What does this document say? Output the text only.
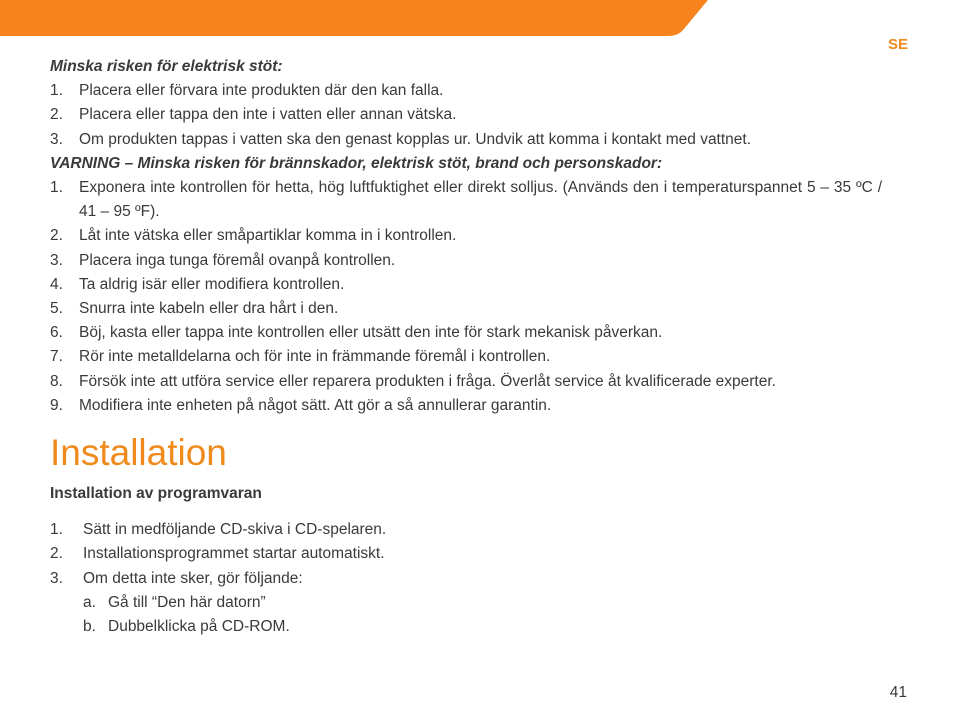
SE
Minska risken för elektrisk stöt:
1. Placera eller förvara inte produkten där den kan falla.
2. Placera eller tappa den inte i vatten eller annan vätska.
3. Om produkten tappas i vatten ska den genast kopplas ur. Undvik att komma i kontakt med vattnet.
VARNING – Minska risken för brännskador, elektrisk stöt, brand och personskador:
1. Exponera inte kontrollen för hetta, hög luftfuktighet eller direkt solljus. (Används den i temperaturspannet 5 – 35 ºC / 41 – 95 ºF).
2. Låt inte vätska eller småpartiklar komma in i kontrollen.
3. Placera inga tunga föremål ovanpå kontrollen.
4. Ta aldrig isär eller modifiera kontrollen.
5. Snurra inte kabeln eller dra hårt i den.
6. Böj, kasta eller tappa inte kontrollen eller utsätt den inte för stark mekanisk påverkan.
7. Rör inte metalldelarna och för inte in främmande föremål i kontrollen.
8. Försök inte att utföra service eller reparera produkten i fråga. Överlåt service åt kvalificerade experter.
9. Modifiera inte enheten på något sätt. Att gör a så annullerar garantin.
Installation
Installation av programvaran
1. Sätt in medföljande CD-skiva i CD-spelaren.
2. Installationsprogrammet startar automatiskt.
3. Om detta inte sker, gör följande:
a. Gå till “Den här datorn”
b. Dubbelklicka på CD-ROM.
41
